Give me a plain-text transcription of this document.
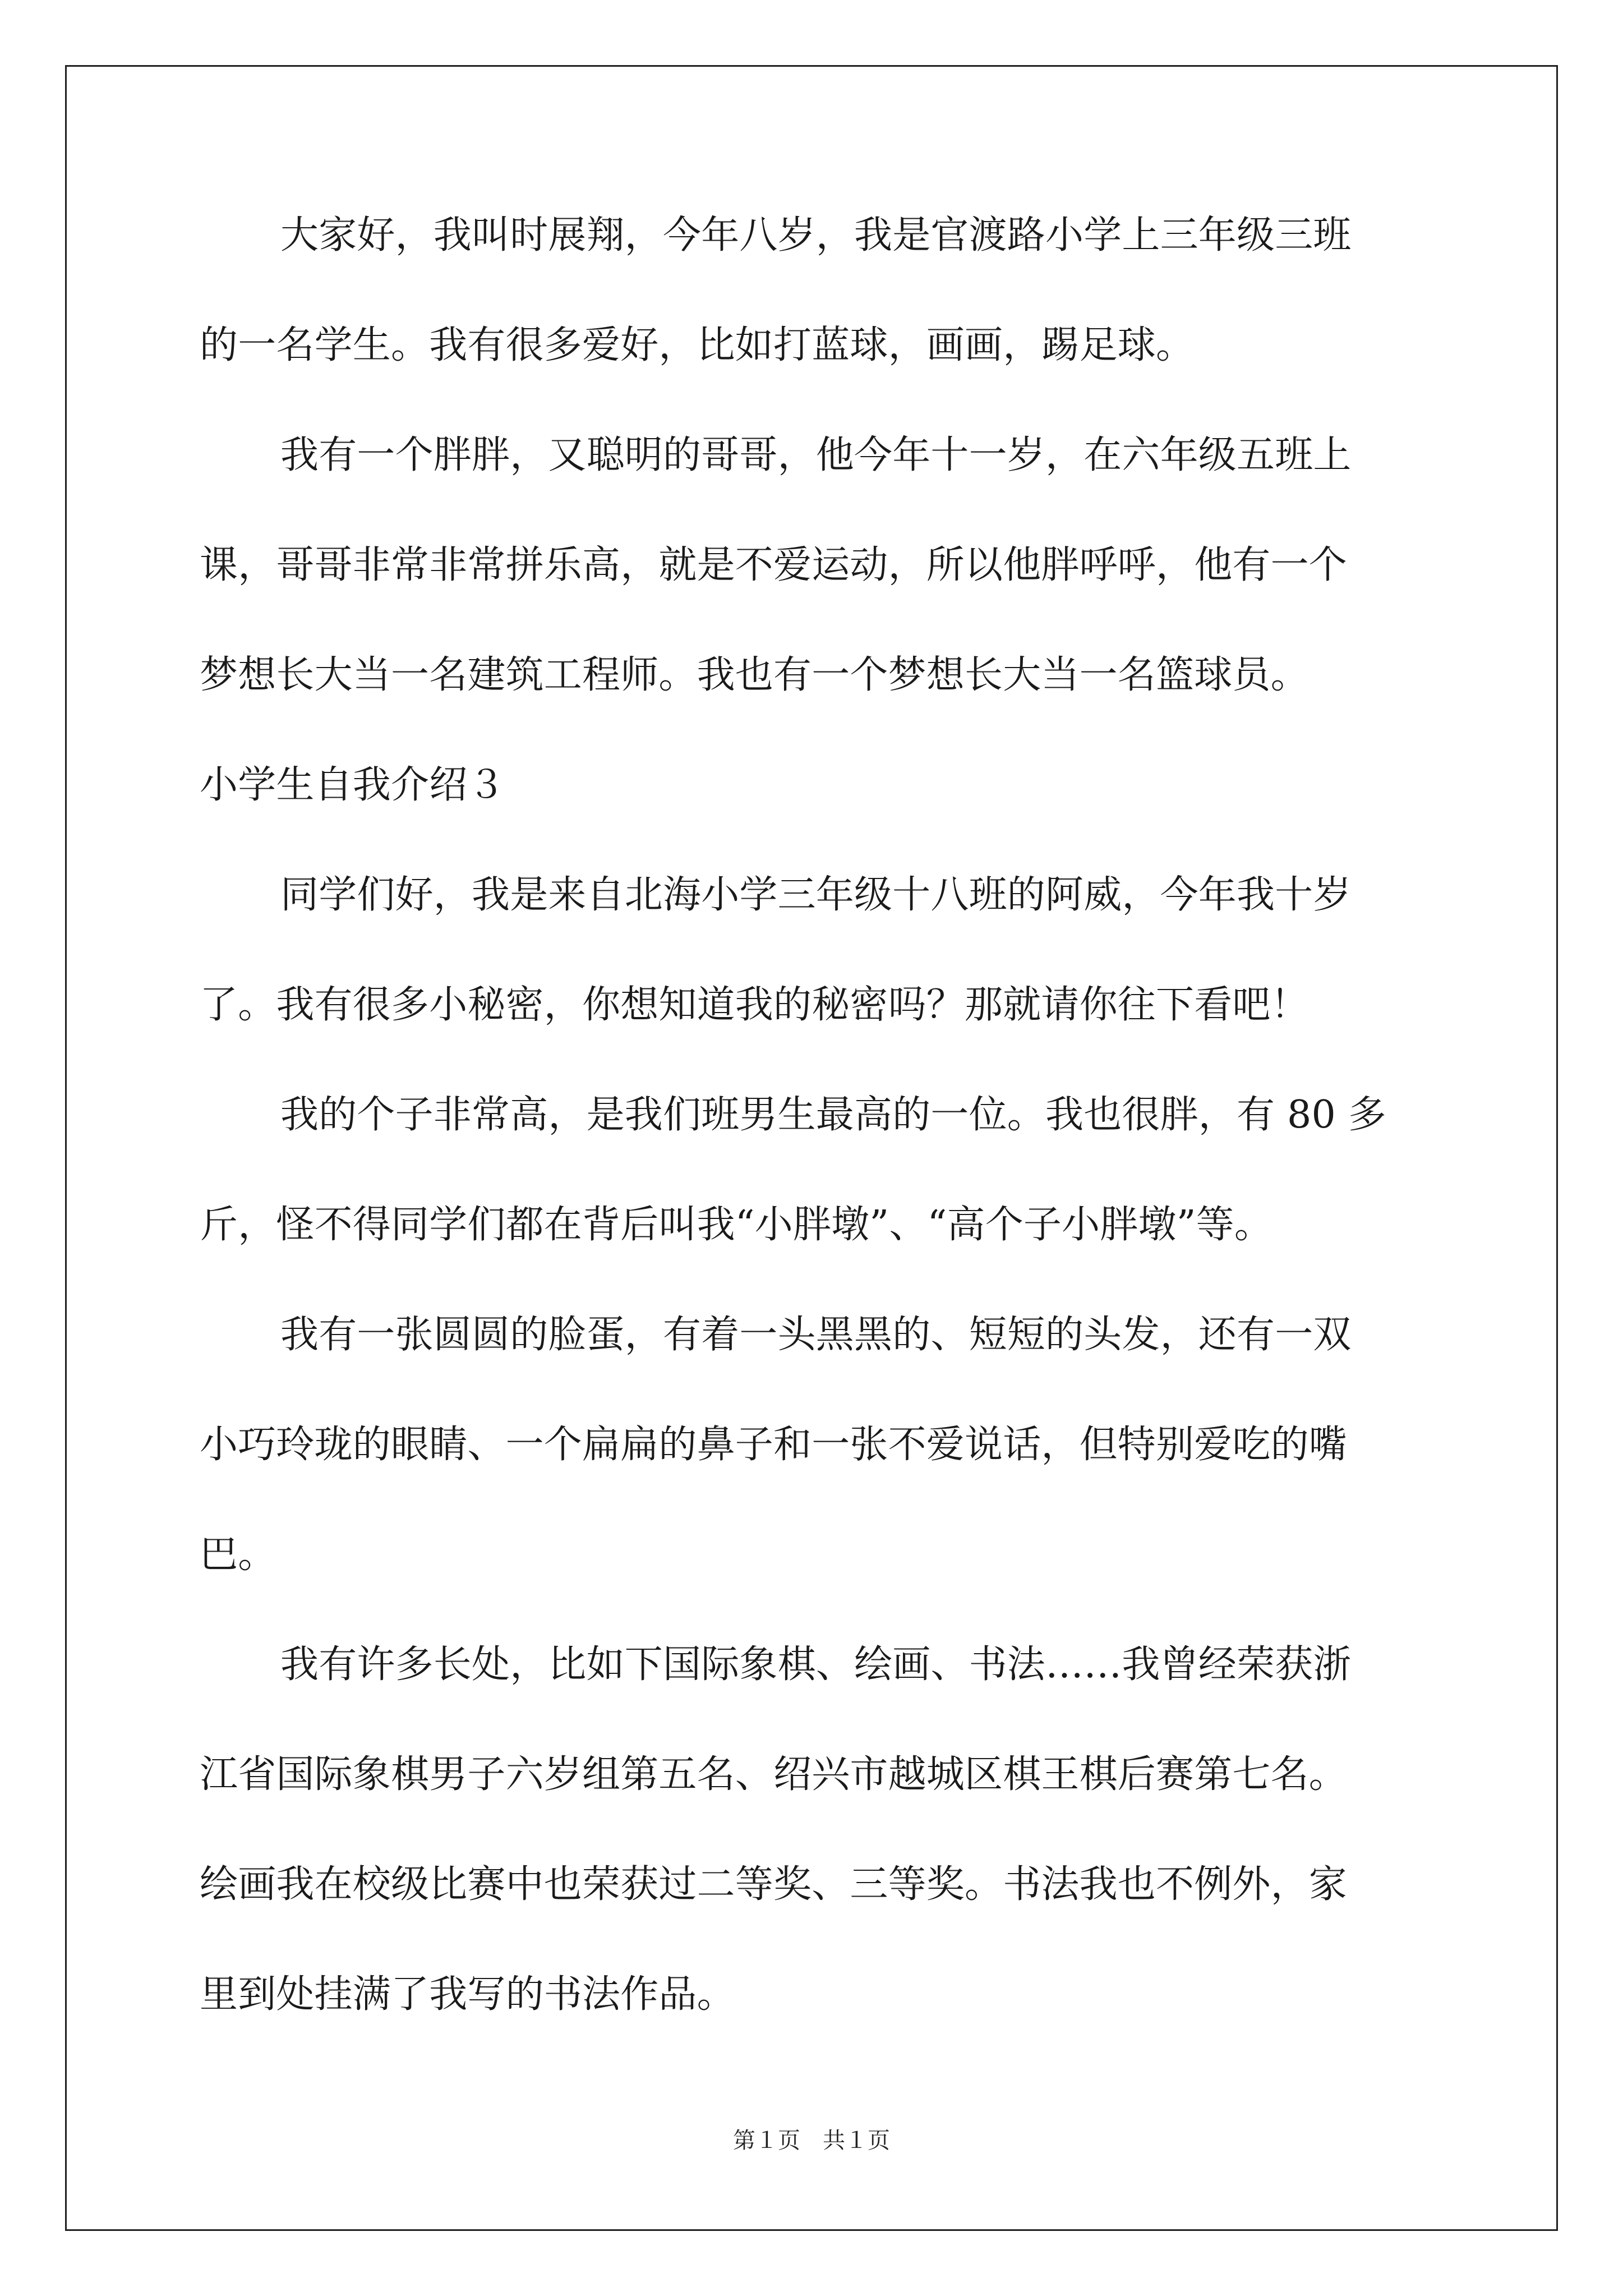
大家好，我叫时展翔，今年八岁，我是官渡路小学上三年级三班
的一名学生。我有很多爱好，比如打蓝球，画画，踢足球。
我有一个胖胖，又聪明的哥哥，他今年十一岁，在六年级五班上
课，哥哥非常非常拼乐高，就是不爱运动，所以他胖呼呼，他有一个
梦想长大当一名建筑工程师。我也有一个梦想长大当一名篮球员。
小学生自我介绍３
同学们好，我是来自北海小学三年级十八班的阿威，今年我十岁
了。我有很多小秘密，你想知道我的秘密吗？那就请你往下看吧！
我的个子非常高，是我们班男生最高的一位。我也很胖，有 80 多
斤，怪不得同学们都在背后叫我“小胖墩”、“高个子小胖墩”等。
我有一张圆圆的脸蛋，有着一头黑黑的、短短的头发，还有一双
小巧玲珑的眼睛、一个扁扁的鼻子和一张不爱说话，但特别爱吃的嘴
巴。
我有许多长处，比如下国际象棋、绘画、书法……我曾经荣获浙
江省国际象棋男子六岁组第五名、绍兴市越城区棋王棋后赛第七名。
绘画我在校级比赛中也荣获过二等奖、三等奖。书法我也不例外，家
里到处挂满了我写的书法作品。
第１页　共１页
